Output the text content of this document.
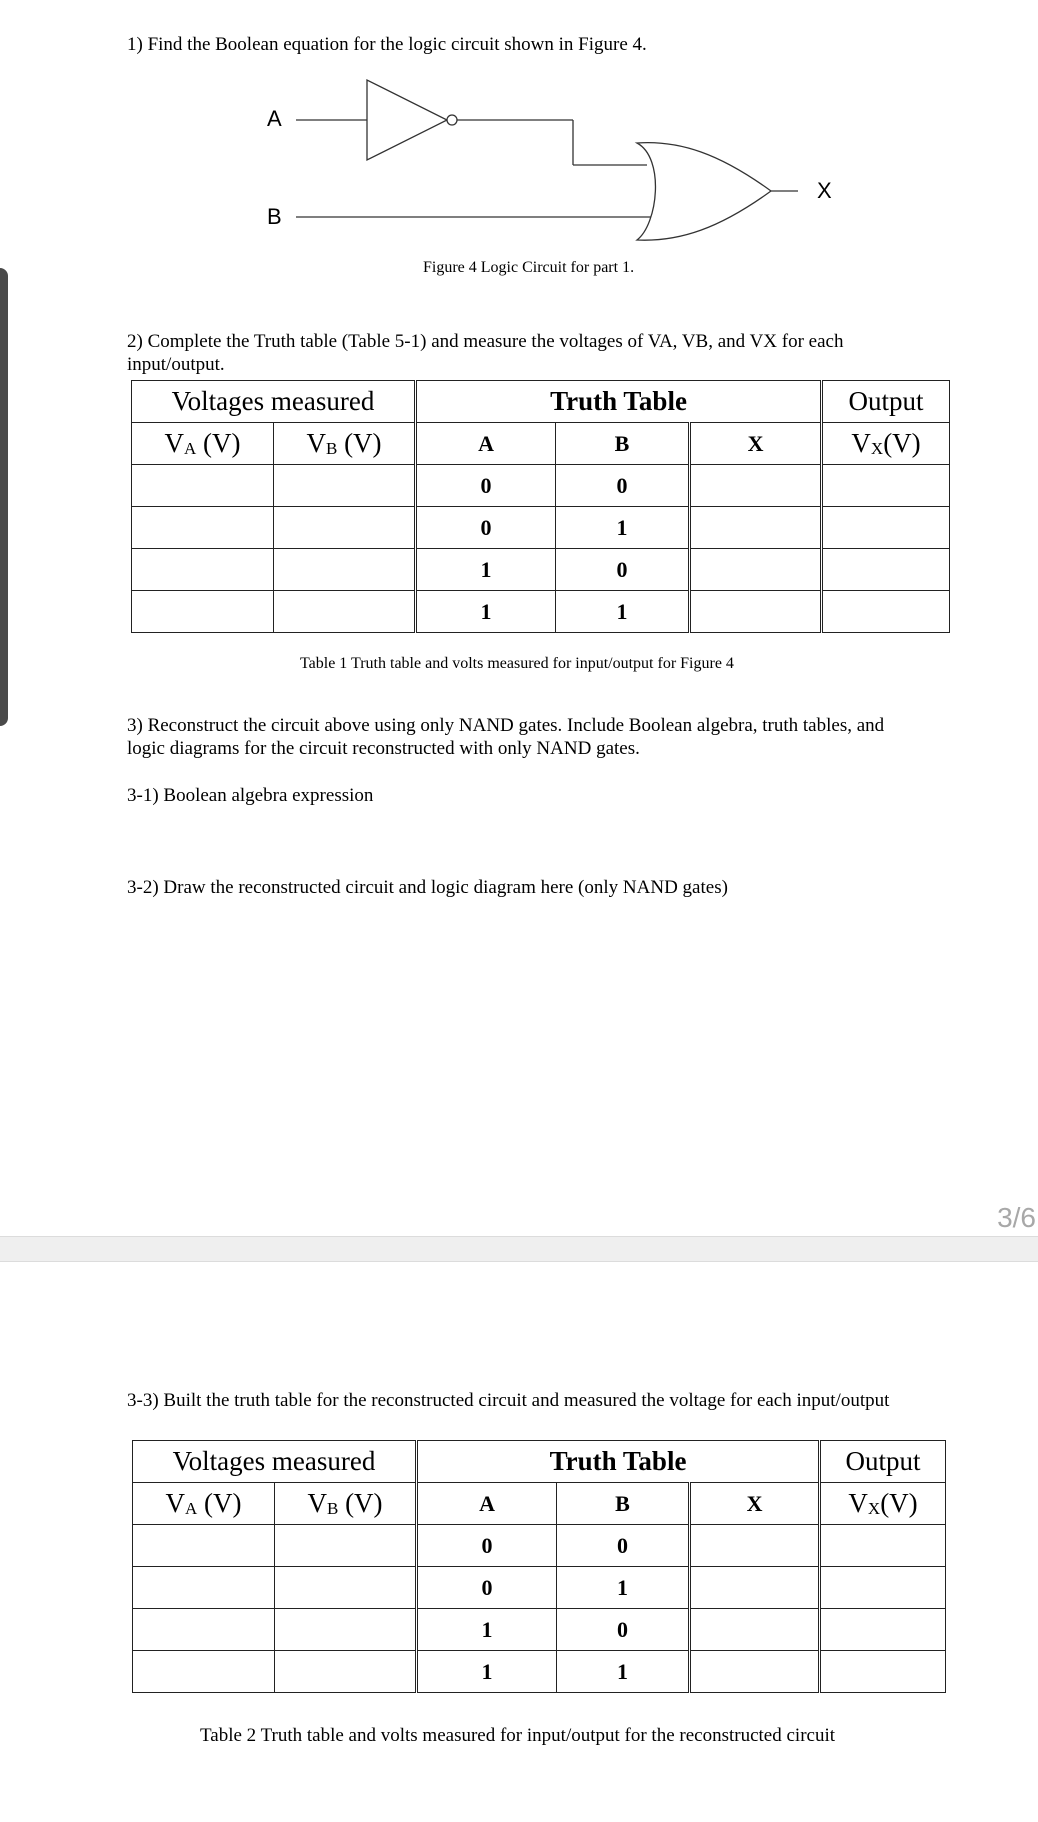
1) Find the Boolean equation for the logic circuit shown in Figure 4.
A
B
X
Figure 4 Logic Circuit for part 1.
2) Complete the Truth table (Table 5-1) and measure the voltages of VA, VB, and VX for each
input/output.
Voltages measured		Truth Table			Output
VA (V)	VB (V)	A	B	X	VX(V)
		0	0		
		0	1		
		1	0		
		1	1		
Table 1 Truth table and volts measured for input/output for Figure 4
3) Reconstruct the circuit above using only NAND gates. Include Boolean algebra, truth tables, and
logic diagrams for the circuit reconstructed with only NAND gates.
3-1) Boolean algebra expression
3-2) Draw the reconstructed circuit and logic diagram here (only NAND gates)
3/6
3-3) Built the truth table for the reconstructed circuit and measured the voltage for each input/output
Voltages measured		Truth Table			Output
VA (V)	VB (V)	A	B	X	VX(V)
		0	0		
		0	1		
		1	0		
		1	1		
Table 2 Truth table and volts measured for input/output for the reconstructed circuit
